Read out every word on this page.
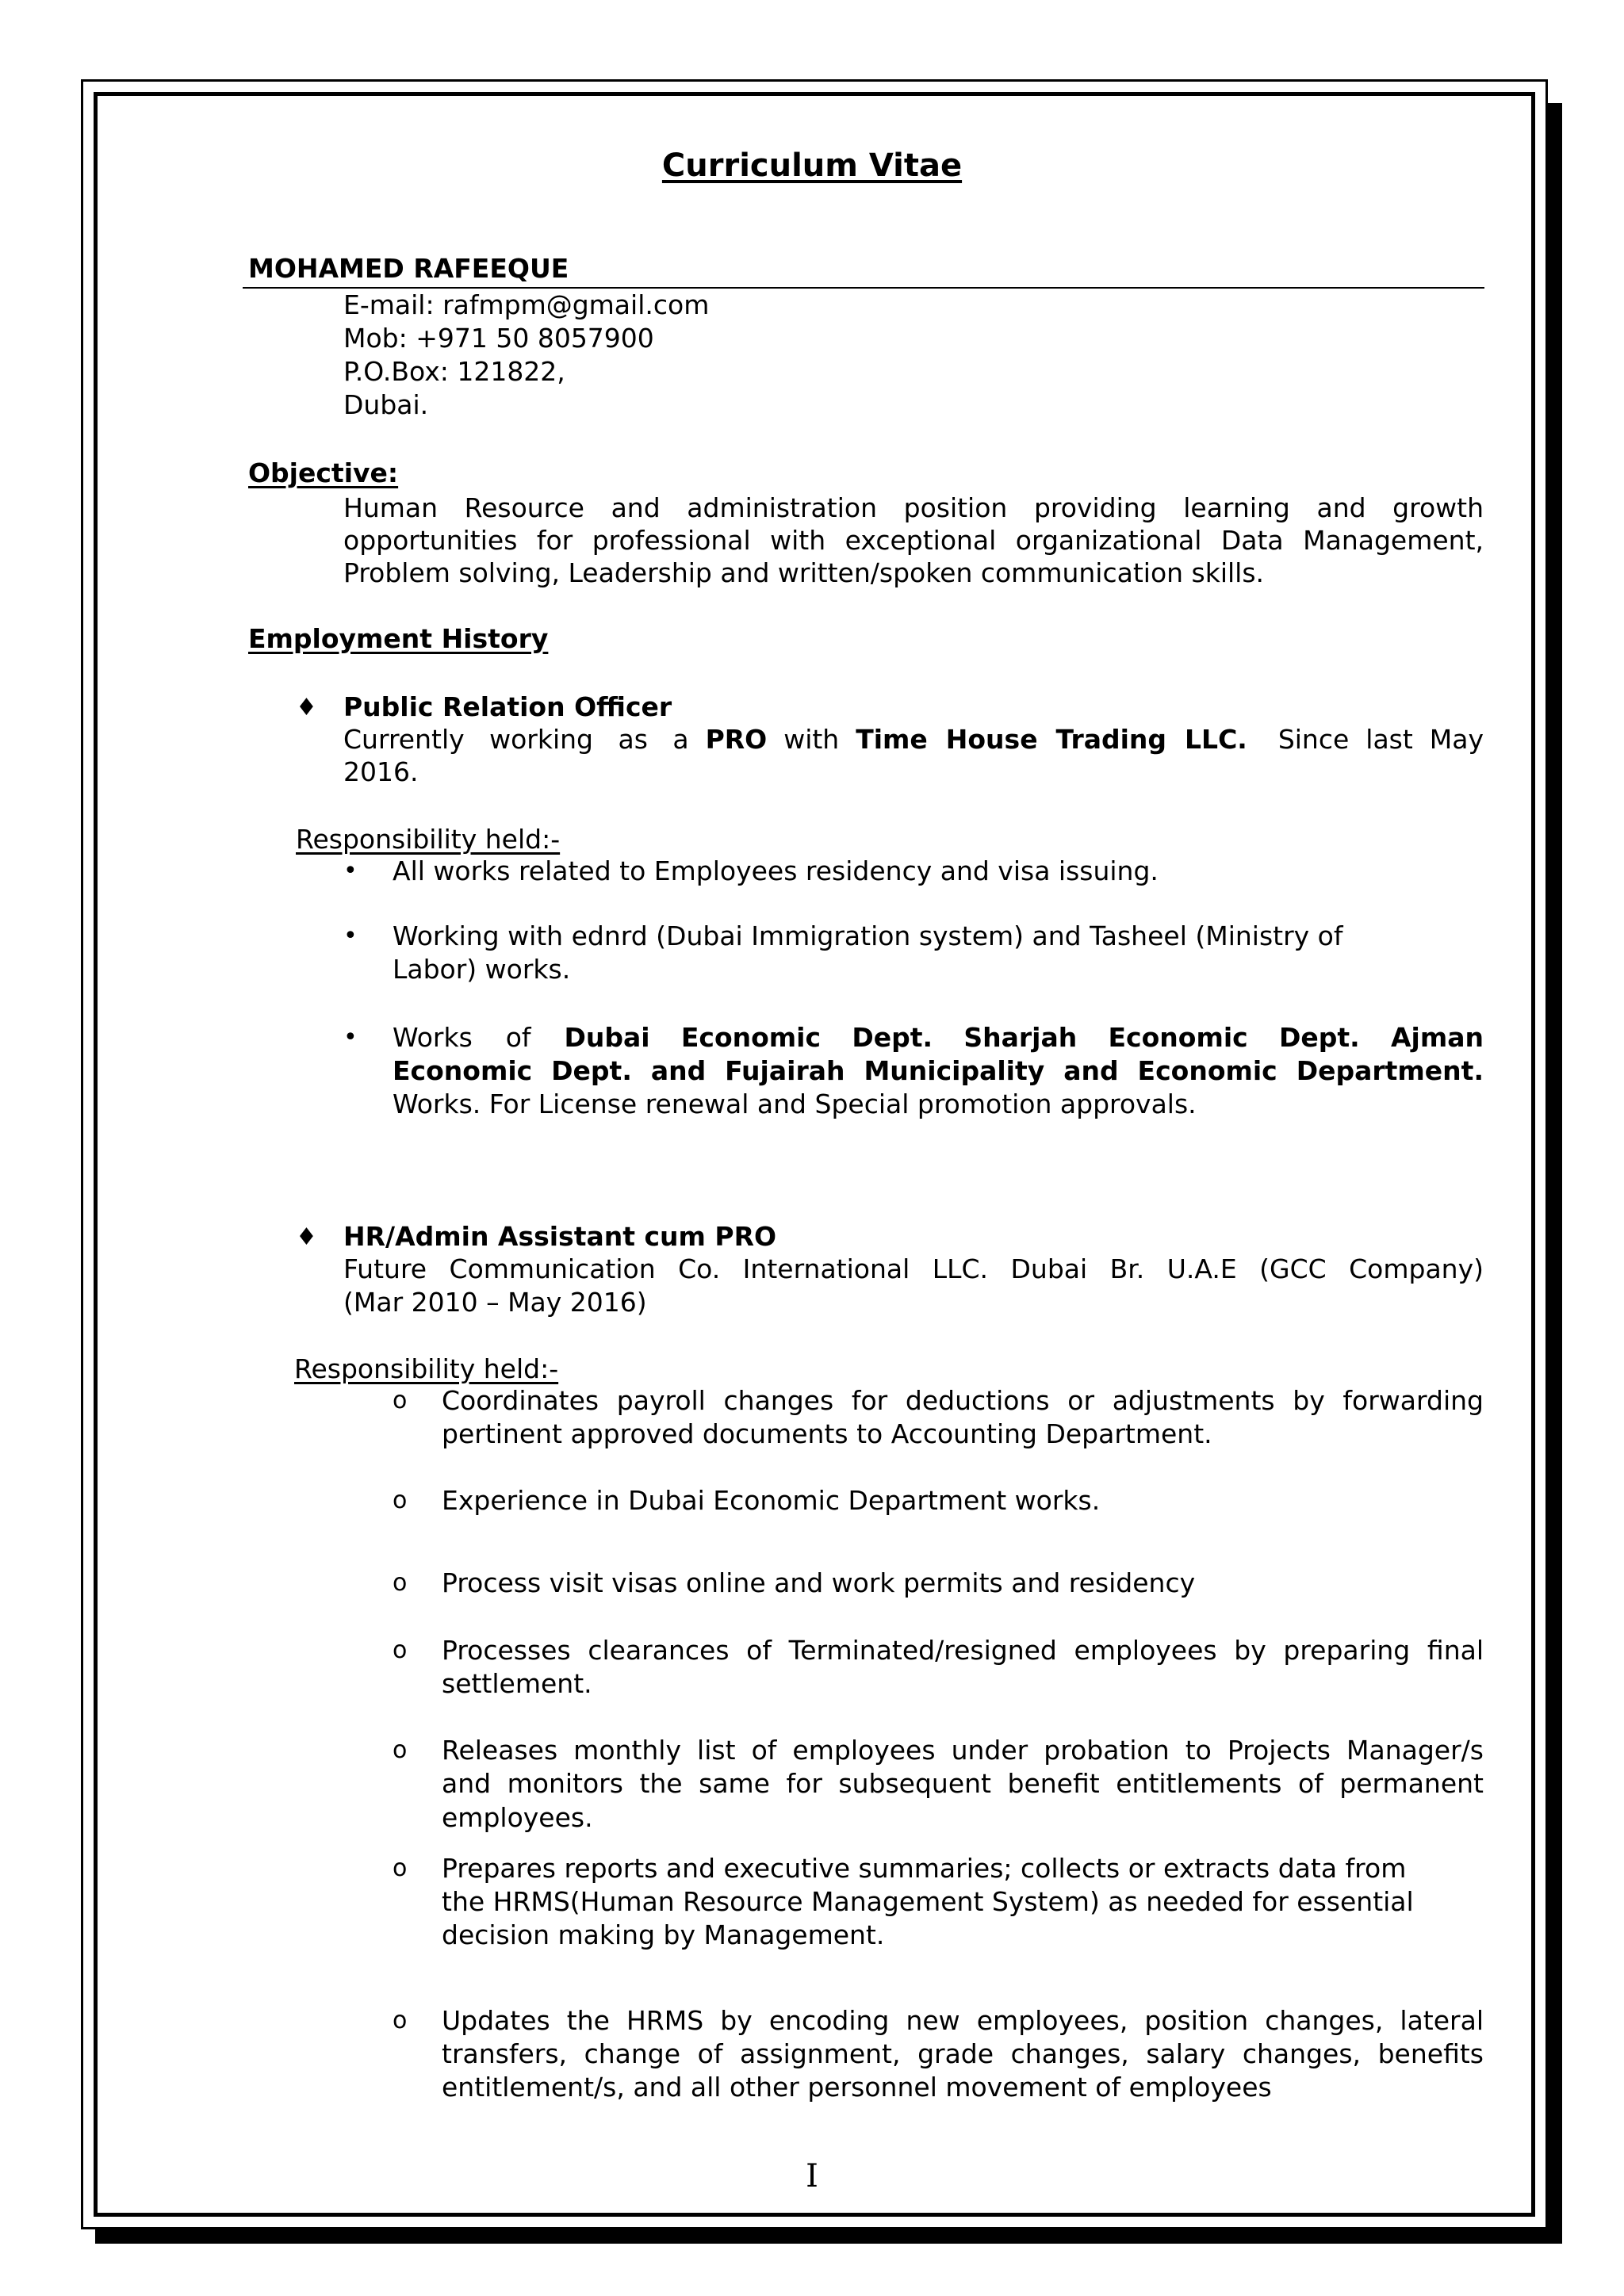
Curriculum Vitae
MOHAMED RAFEEQUE
E-mail: rafmpm@gmail.com
Mob: +971 50 8057900
P.O.Box: 121822,
Dubai.
Objective:
Human Resource and administration position providing learning and growth
opportunities for professional with exceptional organizational Data Management,
Problem solving, Leadership and written/spoken communication skills.
Employment History
♦ Public Relation Officer
Currently   working   as   a PRO with Time  House  Trading  LLC. Since  last  May
2016.
Responsibility held:-
• All works related to Employees residency and visa issuing.
• Working with ednrd (Dubai Immigration system) and Tasheel (Ministry of
Labor) works.
• Works    of Dubai Economic Dept. Sharjah Economic Dept. Ajman
Economic Dept. and Fujairah Municipality and Economic Department.
Works. For License renewal and Special promotion approvals.
♦ HR/Admin Assistant cum PRO
Future Communication Co. International LLC. Dubai Br. U.A.E (GCC Company)
(Mar 2010 – May 2016)
Responsibility held:-
o Coordinates payroll changes for deductions or adjustments by forwarding
pertinent approved documents to Accounting Department.
o Experience in Dubai Economic Department works.
o Process visit visas online and work permits and residency
o Processes clearances of Terminated/resigned employees by preparing final
settlement.
o Releases monthly list of employees under probation to Projects Manager/s
and monitors the same for subsequent benefit entitlements of permanent
employees.
o Prepares reports and executive summaries; collects or extracts data from
the HRMS(Human Resource Management System) as needed for essential
decision making by Management.
o Updates the HRMS by encoding new employees, position changes, lateral
transfers, change of assignment, grade changes, salary changes, benefits
entitlement/s, and all other personnel movement of employees
I
